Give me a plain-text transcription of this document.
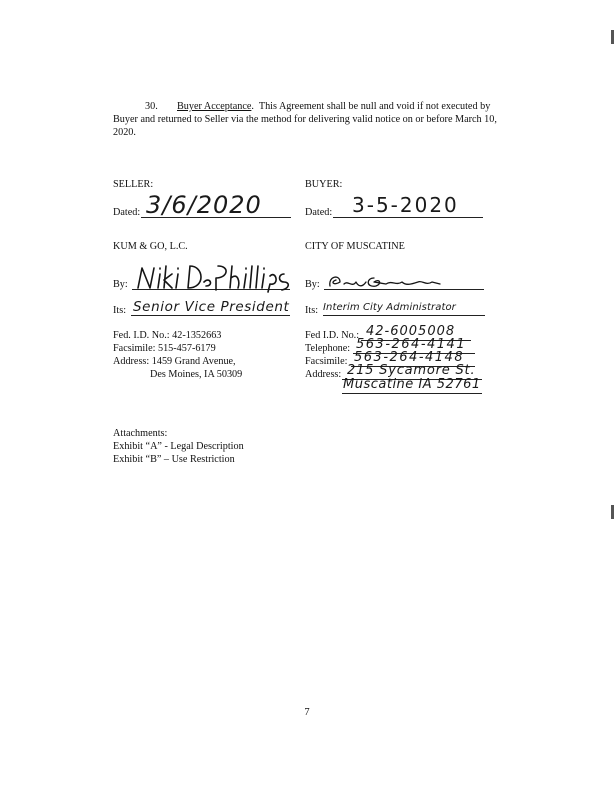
30. Buyer Acceptance.  This Agreement shall be null and void if not executed by Buyer and returned to Seller via the method for delivering valid notice on or before March 10, 2020.
SELLER:
Dated: 3/6/2020
KUM & GO, L.C.
By:
Its: Senior Vice President
Fed. I.D. No.: 42-1352663
Facsimile: 515-457-6179
Address: 1459 Grand Avenue,
Des Moines, IA 50309
BUYER:
Dated: 3-5-2020
CITY OF MUSCATINE
By:
Its: Interim City Administrator
Fed I.D. No.: 42-6005008
Telephone: 563-264-4141
Facsimile: 563-264-4148
Address: 215 Sycamore St.
Muscatine IA 52761
Attachments:
Exhibit “A” - Legal Description
Exhibit “B” – Use Restriction
7
